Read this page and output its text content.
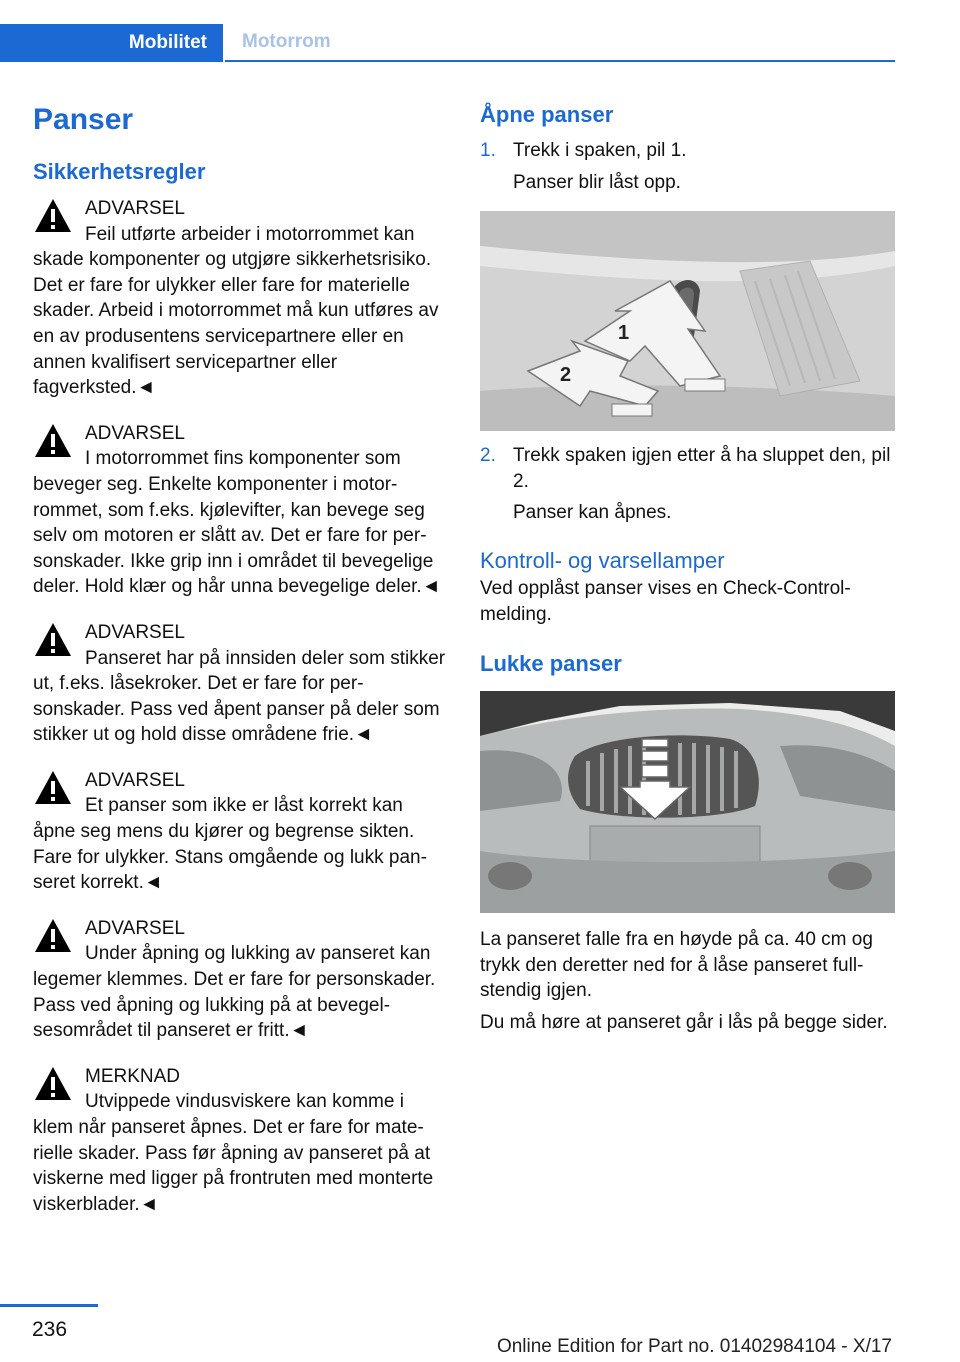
Mobilitet	Motorrom
Panser
Sikkerhetsregler
ADVARSEL
Feil utførte arbeider i motorrommet kan skade komponenter og utgjøre sikkerhetsrisiko. Det er fare for ulykker eller fare for materielle skader. Arbeid i motorrommet må kun utføres av en av produsentens servicepartnere eller en annen kvalifisert servicepartner eller fagverksted.◄
ADVARSEL
I motorrommet fins komponenter som beveger seg. Enkelte komponenter i motorrommet, som f.eks. kjølevifter, kan bevege seg selv om motoren er slått av. Det er fare for personskader. Ikke grip inn i området til bevegelige deler. Hold klær og hår unna bevegelige deler.◄
ADVARSEL
Panseret har på innsiden deler som stikker ut, f.eks. låsekroker. Det er fare for personskader. Pass ved åpent panser på deler som stikker ut og hold disse områdene frie.◄
ADVARSEL
Et panser som ikke er låst korrekt kan åpne seg mens du kjører og begrense sikten. Fare for ulykker. Stans omgående og lukk panseret korrekt.◄
ADVARSEL
Under åpning og lukking av panseret kan legemer klemmes. Det er fare for personskader. Pass ved åpning og lukking på at bevegelsesområdet til panseret er fritt.◄
MERKNAD
Utvippede vindusviskere kan komme i klem når panseret åpnes. Det er fare for materielle skader. Pass før åpning av panseret på at viskerne med ligger på frontruten med monterte viskerblader.◄
Åpne panser
1. Trekk i spaken, pil 1.
Panser blir låst opp.
1
2
2. Trekk spaken igjen etter å ha sluppet den, pil 2.
Panser kan åpnes.
Kontroll- og varsellamper

Ved opplåst panser vises en Check-Control-melding.

Lukke panser

La panseret falle fra en høyde på ca. 40 cm og trykk den deretter ned for å låse panseret fullstendig igjen.

Du må høre at panseret går i lås på begge sider.

236
Online Edition for Part no. 01402984104 - X/17
